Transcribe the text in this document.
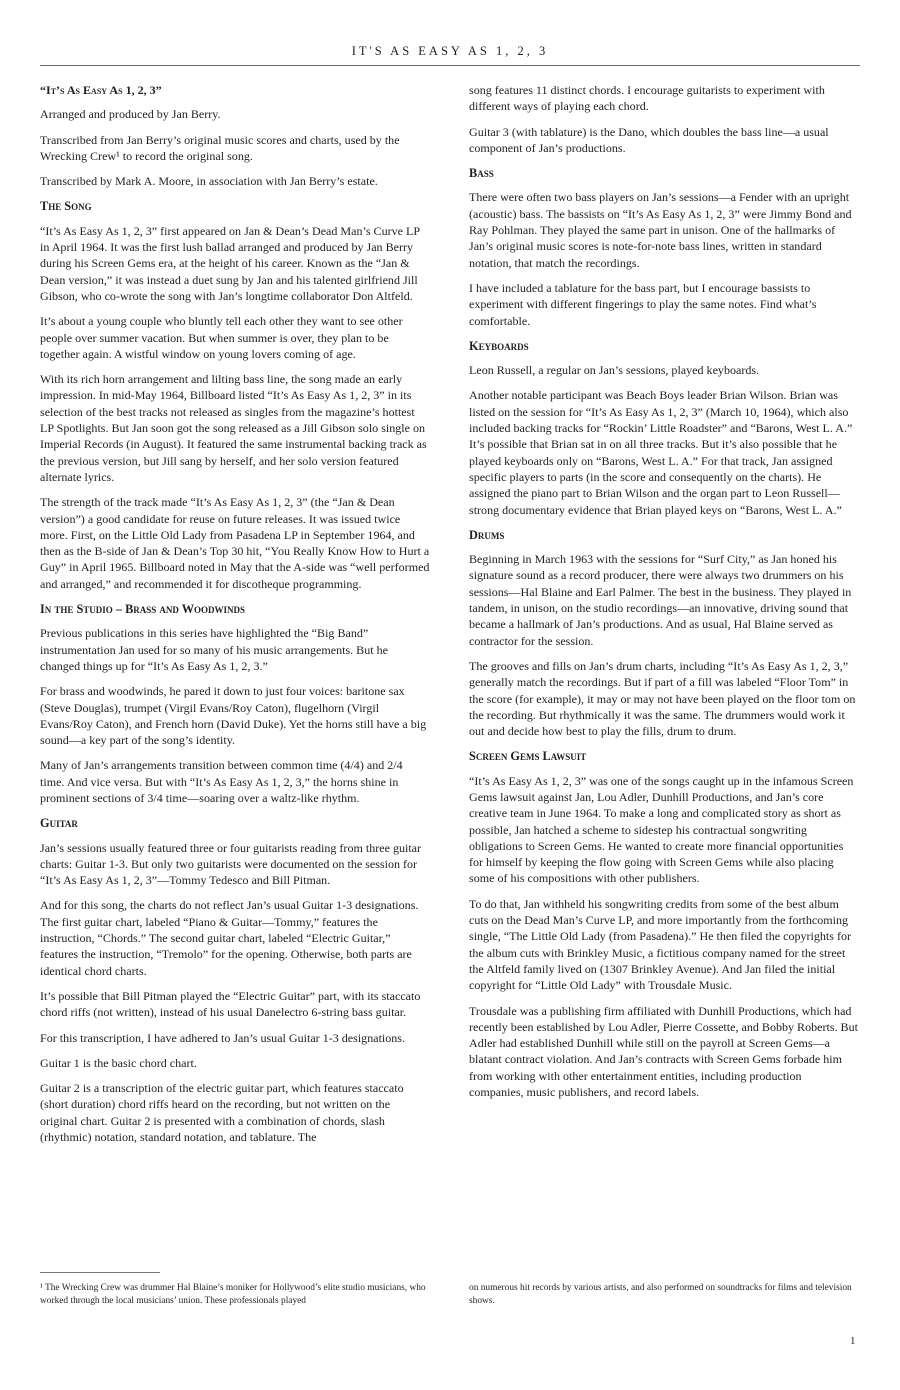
IT'S AS EASY AS 1, 2, 3

“It’s As Easy As 1, 2, 3”

Arranged and produced by Jan Berry.

Transcribed from Jan Berry’s original music scores and charts, used by the Wrecking Crew¹ to record the original song.

Transcribed by Mark A. Moore, in association with Jan Berry’s estate.

The Song

“It’s As Easy As 1, 2, 3” first appeared on Jan & Dean’s Dead Man’s Curve LP in April 1964. It was the first lush ballad arranged and produced by Jan Berry during his Screen Gems era, at the height of his career. Known as the “Jan & Dean version,” it was instead a duet sung by Jan and his talented girlfriend Jill Gibson, who co-wrote the song with Jan’s longtime collaborator Don Altfeld.

It’s about a young couple who bluntly tell each other they want to see other people over summer vacation. But when summer is over, they plan to be together again. A wistful window on young lovers coming of age.

With its rich horn arrangement and lilting bass line, the song made an early impression. In mid-May 1964, Billboard listed “It’s As Easy As 1, 2, 3” in its selection of the best tracks not released as singles from the magazine’s hottest LP Spotlights. But Jan soon got the song released as a Jill Gibson solo single on Imperial Records (in August). It featured the same instrumental backing track as the previous version, but Jill sang by herself, and her solo version featured alternate lyrics.

The strength of the track made “It’s As Easy As 1, 2, 3” (the “Jan & Dean version”) a good candidate for reuse on future releases. It was issued twice more. First, on the Little Old Lady from Pasadena LP in September 1964, and then as the B-side of Jan & Dean’s Top 30 hit, “You Really Know How to Hurt a Guy” in April 1965. Billboard noted in May that the A-side was “well performed and arranged,” and recommended it for discotheque programming.

In the Studio – Brass and Woodwinds

Previous publications in this series have highlighted the “Big Band” instrumentation Jan used for so many of his music arrangements. But he changed things up for “It’s As Easy As 1, 2, 3.”

For brass and woodwinds, he pared it down to just four voices: baritone sax (Steve Douglas), trumpet (Virgil Evans/Roy Caton), flugelhorn (Virgil Evans/Roy Caton), and French horn (David Duke). Yet the horns still have a big sound—a key part of the song’s identity.

Many of Jan’s arrangements transition between common time (4/4) and 2/4 time. And vice versa. But with “It’s As Easy As 1, 2, 3,” the horns shine in prominent sections of 3/4 time—soaring over a waltz-like rhythm.

Guitar

Jan’s sessions usually featured three or four guitarists reading from three guitar charts: Guitar 1-3. But only two guitarists were documented on the session for “It’s As Easy As 1, 2, 3”—Tommy Tedesco and Bill Pitman.

And for this song, the charts do not reflect Jan’s usual Guitar 1-3 designations. The first guitar chart, labeled “Piano & Guitar—Tommy,” features the instruction, “Chords.” The second guitar chart, labeled “Electric Guitar,” features the instruction, “Tremolo” for the opening. Otherwise, both parts are identical chord charts.

It’s possible that Bill Pitman played the “Electric Guitar” part, with its staccato chord riffs (not written), instead of his usual Danelectro 6-string bass guitar.

For this transcription, I have adhered to Jan’s usual Guitar 1-3 designations.

Guitar 1 is the basic chord chart.

Guitar 2 is a transcription of the electric guitar part, which features staccato (short duration) chord riffs heard on the recording, but not written on the original chart. Guitar 2 is presented with a combination of chords, slash (rhythmic) notation, standard notation, and tablature. The

song features 11 distinct chords. I encourage guitarists to experiment with different ways of playing each chord.

Guitar 3 (with tablature) is the Dano, which doubles the bass line—a usual component of Jan’s productions.

Bass

There were often two bass players on Jan’s sessions—a Fender with an upright (acoustic) bass. The bassists on “It’s As Easy As 1, 2, 3” were Jimmy Bond and Ray Pohlman. They played the same part in unison. One of the hallmarks of Jan’s original music scores is note-for-note bass lines, written in standard notation, that match the recordings.

I have included a tablature for the bass part, but I encourage bassists to experiment with different fingerings to play the same notes. Find what’s comfortable.

Keyboards

Leon Russell, a regular on Jan’s sessions, played keyboards.

Another notable participant was Beach Boys leader Brian Wilson. Brian was listed on the session for “It’s As Easy As 1, 2, 3” (March 10, 1964), which also included backing tracks for “Rockin’ Little Roadster” and “Barons, West L. A.” It’s possible that Brian sat in on all three tracks. But it’s also possible that he played keyboards only on “Barons, West L. A.” For that track, Jan assigned specific players to parts (in the score and consequently on the charts). He assigned the piano part to Brian Wilson and the organ part to Leon Russell—strong documentary evidence that Brian played keys on “Barons, West L. A.”

Drums

Beginning in March 1963 with the sessions for “Surf City,” as Jan honed his signature sound as a record producer, there were always two drummers on his sessions—Hal Blaine and Earl Palmer. The best in the business. They played in tandem, in unison, on the studio recordings—an innovative, driving sound that became a hallmark of Jan’s productions. And as usual, Hal Blaine served as contractor for the session.

The grooves and fills on Jan’s drum charts, including “It’s As Easy As 1, 2, 3,” generally match the recordings. But if part of a fill was labeled “Floor Tom” in the score (for example), it may or may not have been played on the floor tom on the recording. But rhythmically it was the same. The drummers would work it out and decide how best to play the fills, drum to drum.

Screen Gems Lawsuit

“It’s As Easy As 1, 2, 3” was one of the songs caught up in the infamous Screen Gems lawsuit against Jan, Lou Adler, Dunhill Productions, and Jan’s core creative team in June 1964. To make a long and complicated story as short as possible, Jan hatched a scheme to sidestep his contractual songwriting obligations to Screen Gems. He wanted to create more financial opportunities for himself by keeping the flow going with Screen Gems while also placing some of his compositions with other publishers.

To do that, Jan withheld his songwriting credits from some of the best album cuts on the Dead Man’s Curve LP, and more importantly from the forthcoming single, “The Little Old Lady (from Pasadena).” He then filed the copyrights for the album cuts with Brinkley Music, a fictitious company named for the street the Altfeld family lived on (1307 Brinkley Avenue). And Jan filed the initial copyright for “Little Old Lady” with Trousdale Music.

Trousdale was a publishing firm affiliated with Dunhill Productions, which had recently been established by Lou Adler, Pierre Cossette, and Bobby Roberts. But Adler had established Dunhill while still on the payroll at Screen Gems—a blatant contract violation. And Jan’s contracts with Screen Gems forbade him from working with other entertainment entities, including production companies, music publishers, and record labels.

¹ The Wrecking Crew was drummer Hal Blaine’s moniker for Hollywood’s elite studio musicians, who worked through the local musicians’ union. These professionals played
on numerous hit records by various artists, and also performed on soundtracks for films and television shows.
1
